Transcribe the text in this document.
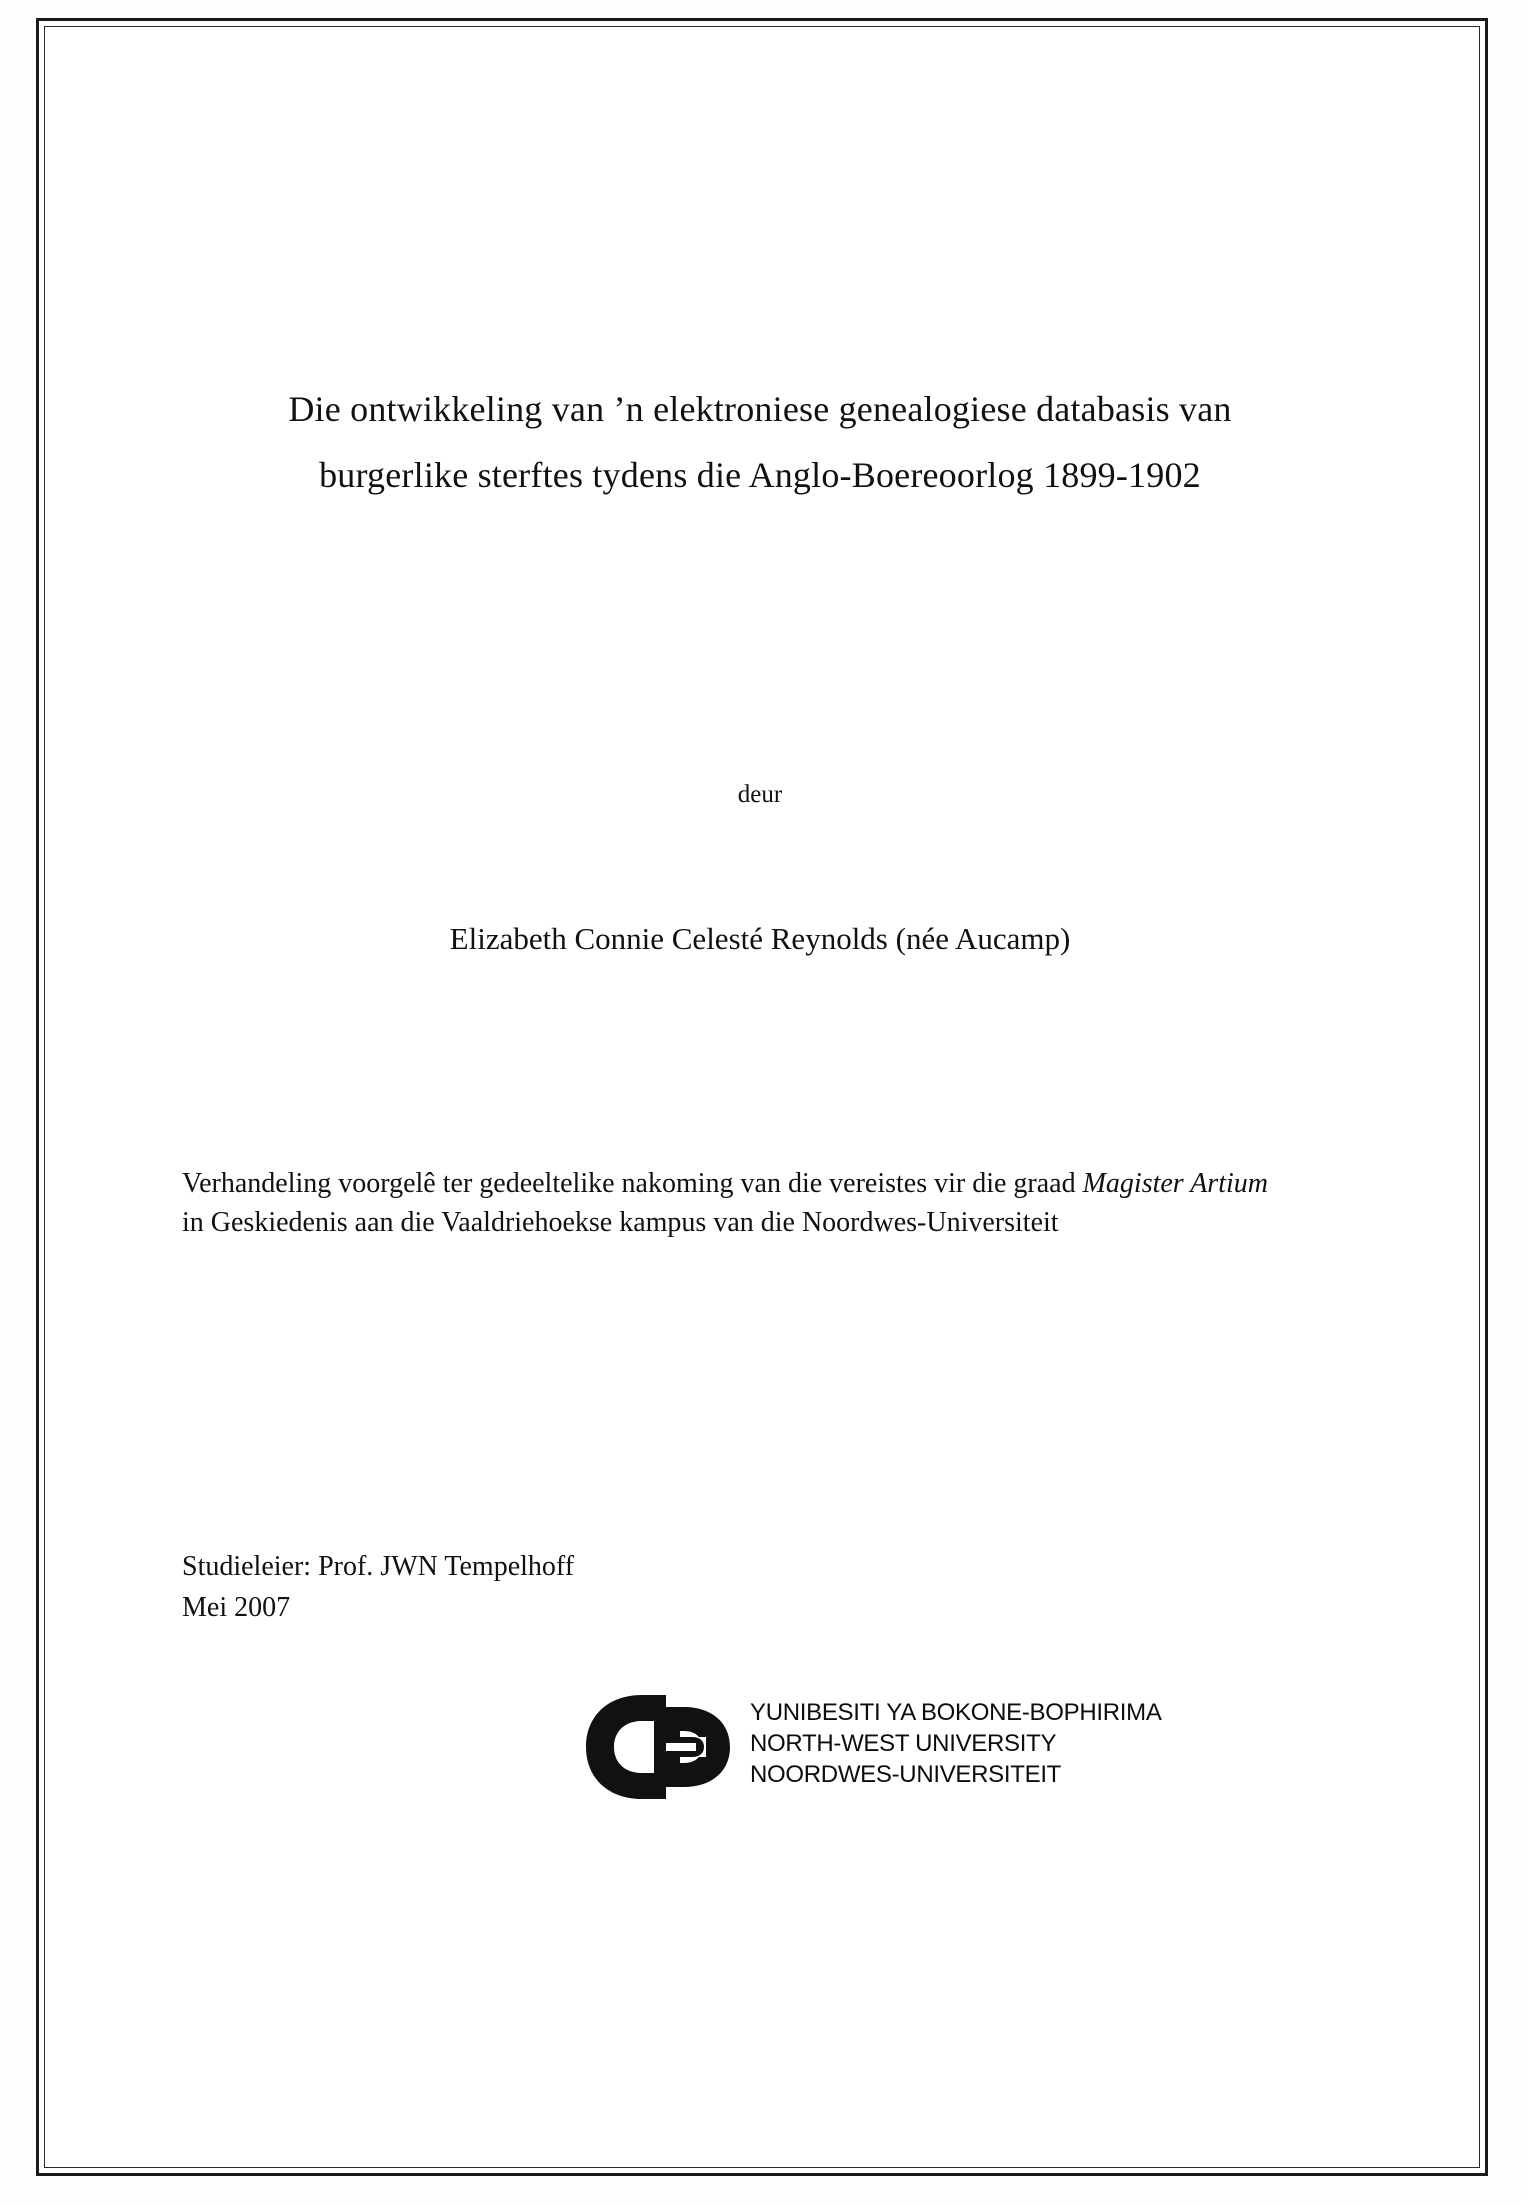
Die ontwikkeling van ’n elektroniese genealogiese databasis van
burgerlike sterftes tydens die Anglo-Boereoorlog 1899-1902
deur
Elizabeth Connie Celesté Reynolds (née Aucamp)
Verhandeling voorgelê ter gedeeltelike nakoming van die vereistes vir die graad Magister Artium in Geskiedenis aan die Vaaldriehoekse kampus van die Noordwes-Universiteit
Studieleier: Prof. JWN Tempelhoff
Mei 2007
YUNIBESITI YA BOKONE-BOPHIRIMA
NORTH-WEST UNIVERSITY
NOORDWES-UNIVERSITEIT
